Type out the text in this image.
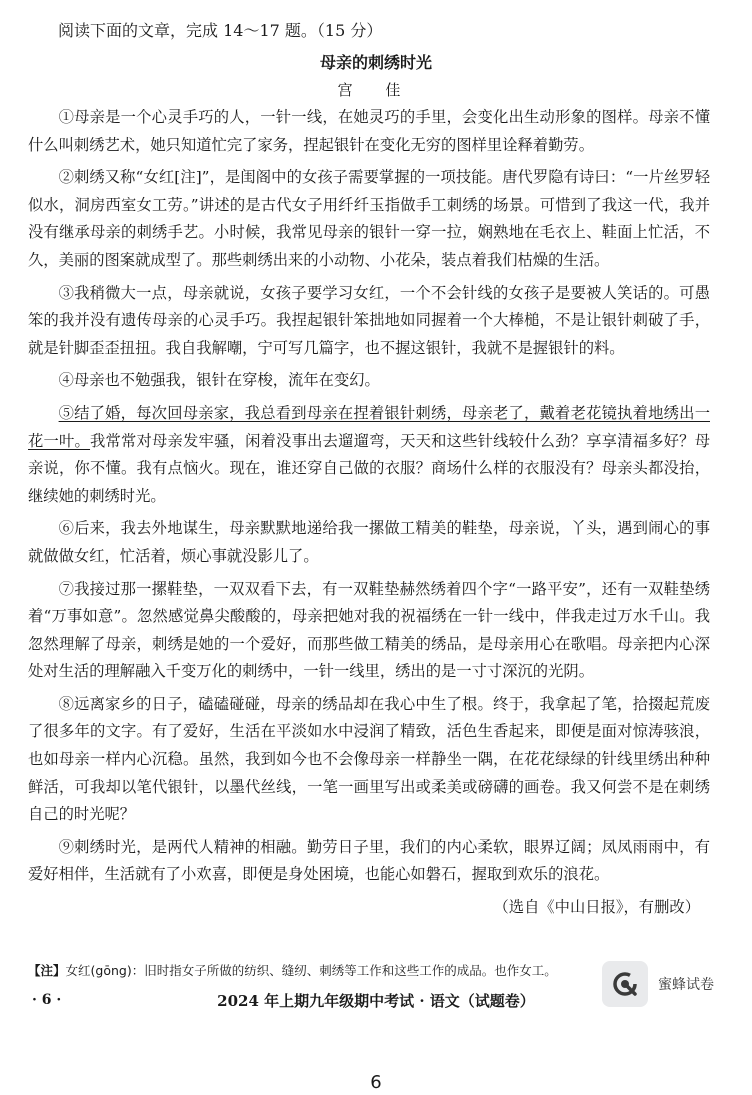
阅读下面的文章，完成 14～17 题。（15 分）
母亲的刺绣时光
宫 佳

①母亲是一个心灵手巧的人，一针一线，在她灵巧的手里，会变化出生动形象的图样。母亲不懂什么叫刺绣艺术，她只知道忙完了家务，捏起银针在变化无穷的图样里诠释着勤劳。

②刺绣又称“女红[注]”，是闺阁中的女孩子需要掌握的一项技能。唐代罗隐有诗曰：“一片丝罗轻似水，洞房西室女工劳。”讲述的是古代女子用纤纤玉指做手工刺绣的场景。可惜到了我这一代，我并没有继承母亲的刺绣手艺。小时候，我常见母亲的银针一穿一拉，娴熟地在毛衣上、鞋面上忙活，不久，美丽的图案就成型了。那些刺绣出来的小动物、小花朵，装点着我们枯燥的生活。

③我稍微大一点，母亲就说，女孩子要学习女红，一个不会针线的女孩子是要被人笑话的。可愚笨的我并没有遗传母亲的心灵手巧。我捏起银针笨拙地如同握着一个大棒槌，不是让银针刺破了手，就是针脚歪歪扭扭。我自我解嘲，宁可写几篇字，也不握这银针，我就不是握银针的料。

④母亲也不勉强我，银针在穿梭，流年在变幻。

⑤结了婚，每次回母亲家，我总看到母亲在捏着银针刺绣，母亲老了，戴着老花镜执着地绣出一花一叶。我常常对母亲发牢骚，闲着没事出去遛遛弯，天天和这些针线较什么劲？享享清福多好？母亲说，你不懂。我有点恼火。现在，谁还穿自己做的衣服？商场什么样的衣服没有？母亲头都没抬，继续她的刺绣时光。

⑥后来，我去外地谋生，母亲默默地递给我一摞做工精美的鞋垫，母亲说，丫头，遇到闹心的事就做做女红，忙活着，烦心事就没影儿了。

⑦我接过那一摞鞋垫，一双双看下去，有一双鞋垫赫然绣着四个字“一路平安”，还有一双鞋垫绣着“万事如意”。忽然感觉鼻尖酸酸的，母亲把她对我的祝福绣在一针一线中，伴我走过万水千山。我忽然理解了母亲，刺绣是她的一个爱好，而那些做工精美的绣品，是母亲用心在歌唱。母亲把内心深处对生活的理解融入千变万化的刺绣中，一针一线里，绣出的是一寸寸深沉的光阴。

⑧远离家乡的日子，磕磕碰碰，母亲的绣品却在我心中生了根。终于，我拿起了笔，拾掇起荒废了很多年的文字。有了爱好，生活在平淡如水中浸润了精致，活色生香起来，即便是面对惊涛骇浪，也如母亲一样内心沉稳。虽然，我到如今也不会像母亲一样静坐一隅，在花花绿绿的针线里绣出种种鲜活，可我却以笔代银针，以墨代丝线，一笔一画里写出或柔美或磅礴的画卷。我又何尝不是在刺绣自己的时光呢？

⑨刺绣时光，是两代人精神的相融。勤劳日子里，我们的内心柔软，眼界辽阔；凤凤雨雨中，有爱好相伴，生活就有了小欢喜，即便是身处困境，也能心如磐石，握取到欢乐的浪花。

（选自《中山日报》，有删改）

【注】女红(gōng)：旧时指女子所做的纺织、缝纫、刺绣等工作和这些工作的成品。也作女工。
· 6 ·	2024 年上期九年级期中考试 · 语文（试题卷）
蜜蜂试卷
6
